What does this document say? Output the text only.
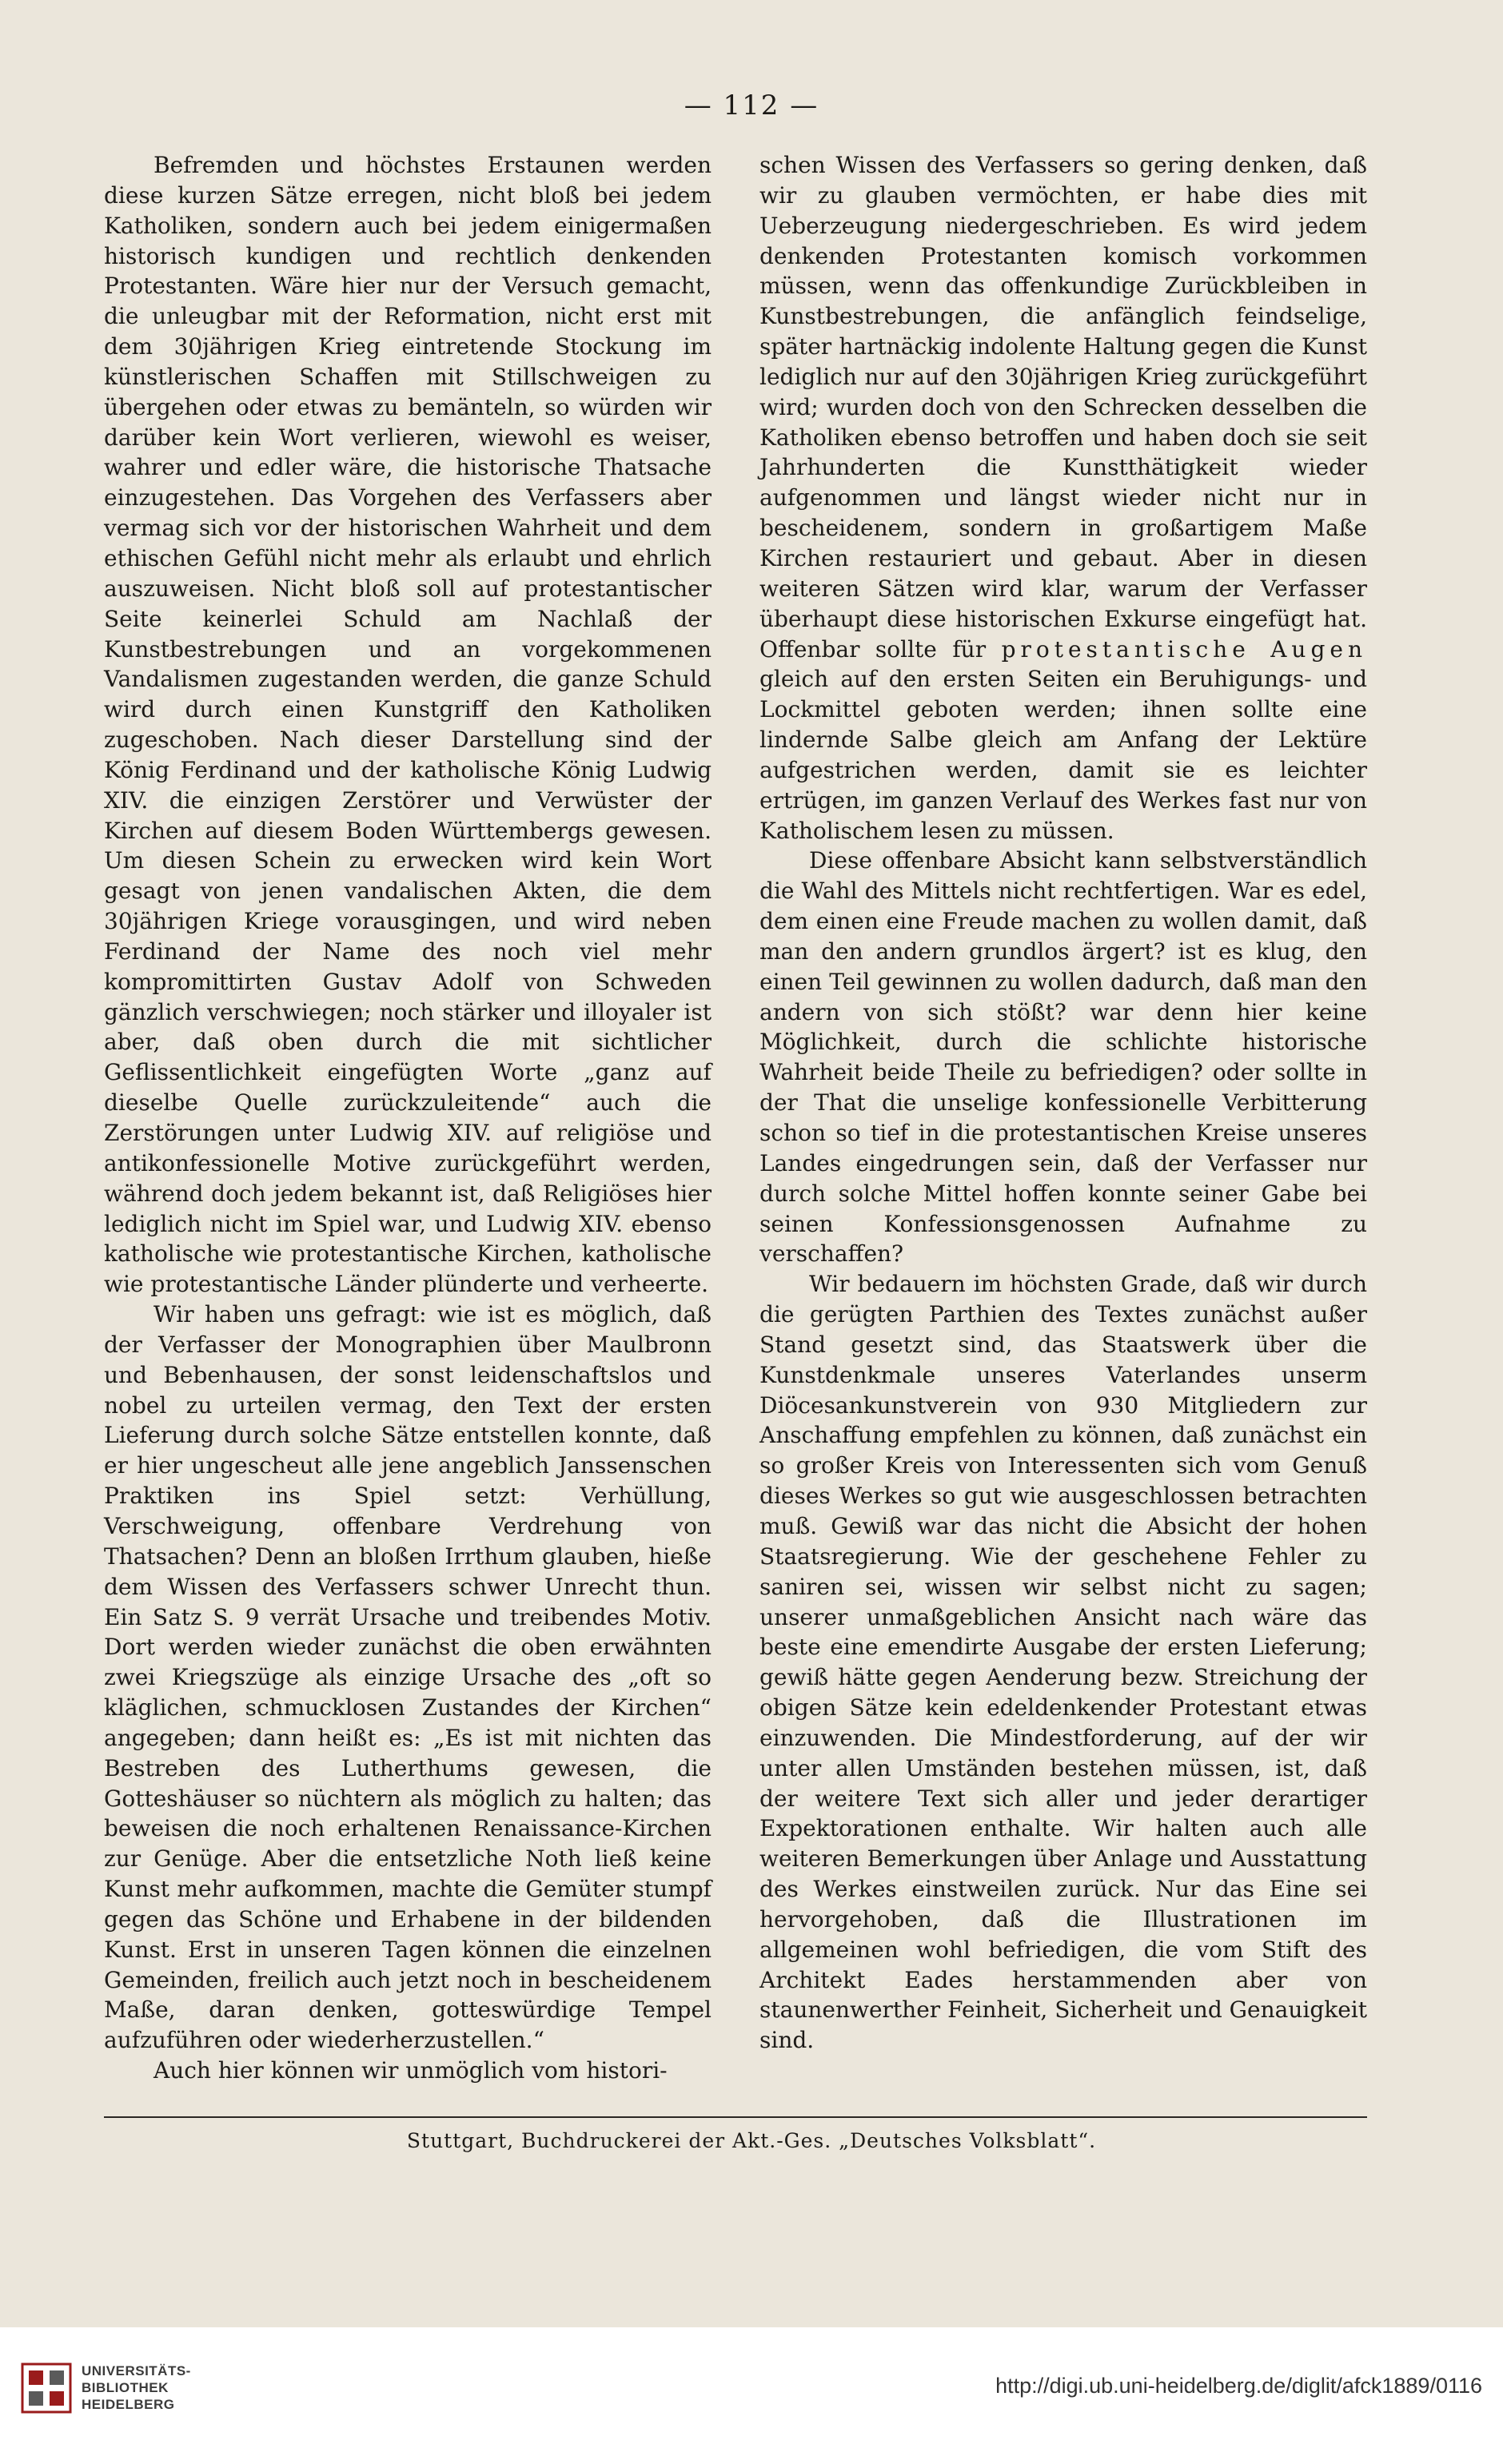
— 112 —

Befremden und höchstes Erstaunen werden diese kurzen Sätze erregen, nicht bloß bei jedem Katholiken, sondern auch bei jedem einigermaßen historisch kundigen und rechtlich denkenden Protestanten. Wäre hier nur der Versuch gemacht, die unleugbar mit der Reformation, nicht erst mit dem 30jährigen Krieg eintretende Stockung im künstlerischen Schaffen mit Stillschweigen zu übergehen oder etwas zu bemänteln, so würden wir darüber kein Wort verlieren, wiewohl es weiser, wahrer und edler wäre, die historische Thatsache einzugestehen. Das Vorgehen des Verfassers aber vermag sich vor der historischen Wahrheit und dem ethischen Gefühl nicht mehr als erlaubt und ehrlich auszuweisen. Nicht bloß soll auf protestantischer Seite keinerlei Schuld am Nachlaß der Kunstbestrebungen und an vorgekommenen Vandalismen zugestanden werden, die ganze Schuld wird durch einen Kunstgriff den Katholiken zugeschoben. Nach dieser Darstellung sind der König Ferdinand und der katholische König Ludwig XIV. die einzigen Zerstörer und Verwüster der Kirchen auf diesem Boden Württembergs gewesen. Um diesen Schein zu erwecken wird kein Wort gesagt von jenen vandalischen Akten, die dem 30jährigen Kriege vorausgingen, und wird neben Ferdinand der Name des noch viel mehr kompromittirten Gustav Adolf von Schweden gänzlich verschwiegen; noch stärker und illoyaler ist aber, daß oben durch die mit sichtlicher Geflissentlichkeit eingefügten Worte „ganz auf dieselbe Quelle zurückzuleitende“ auch die Zerstörungen unter Ludwig XIV. auf religiöse und antikonfessionelle Motive zurückgeführt werden, während doch jedem bekannt ist, daß Religiöses hier lediglich nicht im Spiel war, und Ludwig XIV. ebenso katholische wie protestantische Kirchen, katholische wie protestantische Länder plünderte und verheerte.

Wir haben uns gefragt: wie ist es möglich, daß der Verfasser der Monographien über Maulbronn und Bebenhausen, der sonst leidenschaftslos und nobel zu urteilen vermag, den Text der ersten Lieferung durch solche Sätze entstellen konnte, daß er hier ungescheut alle jene angeblich Janssenschen Praktiken ins Spiel setzt: Verhüllung, Verschweigung, offenbare Verdrehung von Thatsachen? Denn an bloßen Irrthum glauben, hieße dem Wissen des Verfassers schwer Unrecht thun. Ein Satz S. 9 verrät Ursache und treibendes Motiv. Dort werden wieder zunächst die oben erwähnten zwei Kriegszüge als einzige Ursache des „oft so kläglichen, schmucklosen Zustandes der Kirchen“ angegeben; dann heißt es: „Es ist mit nichten das Bestreben des Lutherthums gewesen, die Gotteshäuser so nüchtern als möglich zu halten; das beweisen die noch erhaltenen Renaissance-Kirchen zur Genüge. Aber die entsetzliche Noth ließ keine Kunst mehr aufkommen, machte die Gemüter stumpf gegen das Schöne und Erhabene in der bildenden Kunst. Erst in unseren Tagen können die einzelnen Gemeinden, freilich auch jetzt noch in bescheidenem Maße, daran denken, gotteswürdige Tempel aufzuführen oder wiederherzustellen.“

Auch hier können wir unmöglich vom histori-

schen Wissen des Verfassers so gering denken, daß wir zu glauben vermöchten, er habe dies mit Ueberzeugung niedergeschrieben. Es wird jedem denkenden Protestanten komisch vorkommen müssen, wenn das offenkundige Zurückbleiben in Kunstbestrebungen, die anfänglich feindselige, später hartnäckig indolente Haltung gegen die Kunst lediglich nur auf den 30jährigen Krieg zurückgeführt wird; wurden doch von den Schrecken desselben die Katholiken ebenso betroffen und haben doch sie seit Jahrhunderten die Kunstthätigkeit wieder aufgenommen und längst wieder nicht nur in bescheidenem, sondern in großartigem Maße Kirchen restauriert und gebaut. Aber in diesen weiteren Sätzen wird klar, warum der Verfasser überhaupt diese historischen Exkurse eingefügt hat. Offenbar sollte für protestantische Augen gleich auf den ersten Seiten ein Beruhigungs- und Lockmittel geboten werden; ihnen sollte eine lindernde Salbe gleich am Anfang der Lektüre aufgestrichen werden, damit sie es leichter ertrügen, im ganzen Verlauf des Werkes fast nur von Katholischem lesen zu müssen.

Diese offenbare Absicht kann selbstverständlich die Wahl des Mittels nicht rechtfertigen. War es edel, dem einen eine Freude machen zu wollen damit, daß man den andern grundlos ärgert? ist es klug, den einen Teil gewinnen zu wollen dadurch, daß man den andern von sich stößt? war denn hier keine Möglichkeit, durch die schlichte historische Wahrheit beide Theile zu befriedigen? oder sollte in der That die unselige konfessionelle Verbitterung schon so tief in die protestantischen Kreise unseres Landes eingedrungen sein, daß der Verfasser nur durch solche Mittel hoffen konnte seiner Gabe bei seinen Konfessionsgenossen Aufnahme zu verschaffen?

Wir bedauern im höchsten Grade, daß wir durch die gerügten Parthien des Textes zunächst außer Stand gesetzt sind, das Staatswerk über die Kunstdenkmale unseres Vaterlandes unserm Diöcesankunstverein von 930 Mitgliedern zur Anschaffung empfehlen zu können, daß zunächst ein so großer Kreis von Interessenten sich vom Genuß dieses Werkes so gut wie ausgeschlossen betrachten muß. Gewiß war das nicht die Absicht der hohen Staatsregierung. Wie der geschehene Fehler zu saniren sei, wissen wir selbst nicht zu sagen; unserer unmaßgeblichen Ansicht nach wäre das beste eine emendirte Ausgabe der ersten Lieferung; gewiß hätte gegen Aenderung bezw. Streichung der obigen Sätze kein edeldenkender Protestant etwas einzuwenden. Die Mindestforderung, auf der wir unter allen Umständen bestehen müssen, ist, daß der weitere Text sich aller und jeder derartiger Expektorationen enthalte. Wir halten auch alle weiteren Bemerkungen über Anlage und Ausstattung des Werkes einstweilen zurück. Nur das Eine sei hervorgehoben, daß die Illustrationen im allgemeinen wohl befriedigen, die vom Stift des Architekt Eades herstammenden aber von staunenwerther Feinheit, Sicherheit und Genauigkeit sind.

Stuttgart, Buchdruckerei der Akt.-Ges. „Deutsches Volksblatt“.
UNIVERSITÄTS-
BIBLIOTHEK
HEIDELBERG
http://digi.ub.uni-heidelberg.de/diglit/afck1889/0116
